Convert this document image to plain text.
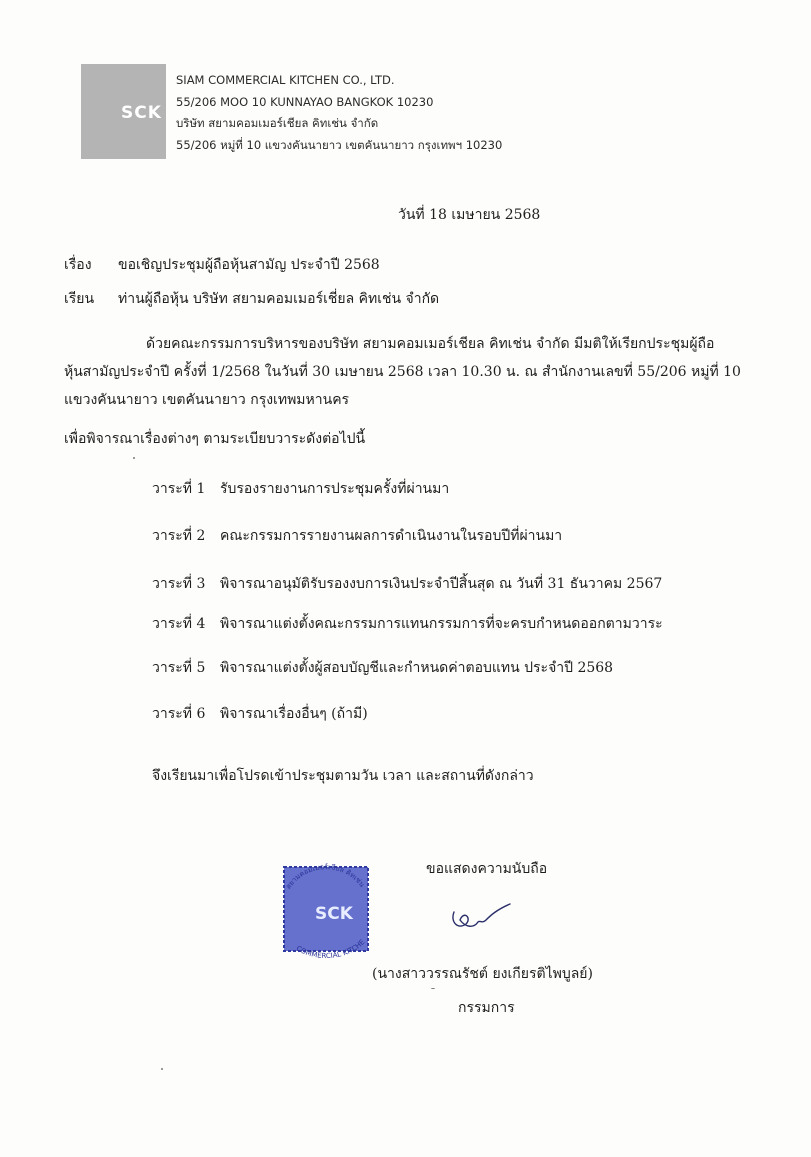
SCK
SIAM COMMERCIAL KITCHEN CO., LTD.
55/206 MOO 10 KUNNAYAO BANGKOK 10230
บริษัท สยามคอมเมอร์เชียล คิทเช่น จำกัด
55/206 หมู่ที่ 10 แขวงคันนายาว เขตคันนายาว กรุงเทพฯ 10230
วันที่ 18 เมษายน 2568
เรื่อง ขอเชิญประชุมผู้ถือหุ้นสามัญ ประจำปี 2568
เรียน ท่านผู้ถือหุ้น บริษัท สยามคอมเมอร์เชี่ยล คิทเช่น จำกัด
ด้วยคณะกรรมการบริหารของบริษัท สยามคอมเมอร์เชียล คิทเช่น จำกัด มีมติให้เรียกประชุมผู้ถือ
หุ้นสามัญประจำปี ครั้งที่ 1/2568 ในวันที่ 30 เมษายน 2568 เวลา 10.30 น. ณ สำนักงานเลขที่ 55/206 หมู่ที่ 10
แขวงคันนายาว เขตคันนายาว กรุงเทพมหานคร
เพื่อพิจารณาเรื่องต่างๆ ตามระเบียบวาระดังต่อไปนี้
วาระที่ 1 รับรองรายงานการประชุมครั้งที่ผ่านมา
วาระที่ 2 คณะกรรมการรายงานผลการดำเนินงานในรอบปีที่ผ่านมา
วาระที่ 3 พิจารณาอนุมัติรับรองงบการเงินประจำปีสิ้นสุด ณ วันที่ 31 ธันวาคม 2567
วาระที่ 4 พิจารณาแต่งตั้งคณะกรรมการแทนกรรมการที่จะครบกำหนดออกตามวาระ
วาระที่ 5 พิจารณาแต่งตั้งผู้สอบบัญชีและกำหนดค่าตอบแทน ประจำปี 2568
วาระที่ 6 พิจารณาเรื่องอื่นๆ (ถ้ามี)
จึงเรียนมาเพื่อโปรดเข้าประชุมตามวัน เวลา และสถานที่ดังกล่าว
SCK
สยามคอมเมอร์เชียล คิทเช่น
COMMERCIAL KITCHE
ขอแสดงความนับถือ
(นางสาววรรณรัชต์ ยงเกียรติไพบูลย์)
กรรมการ
